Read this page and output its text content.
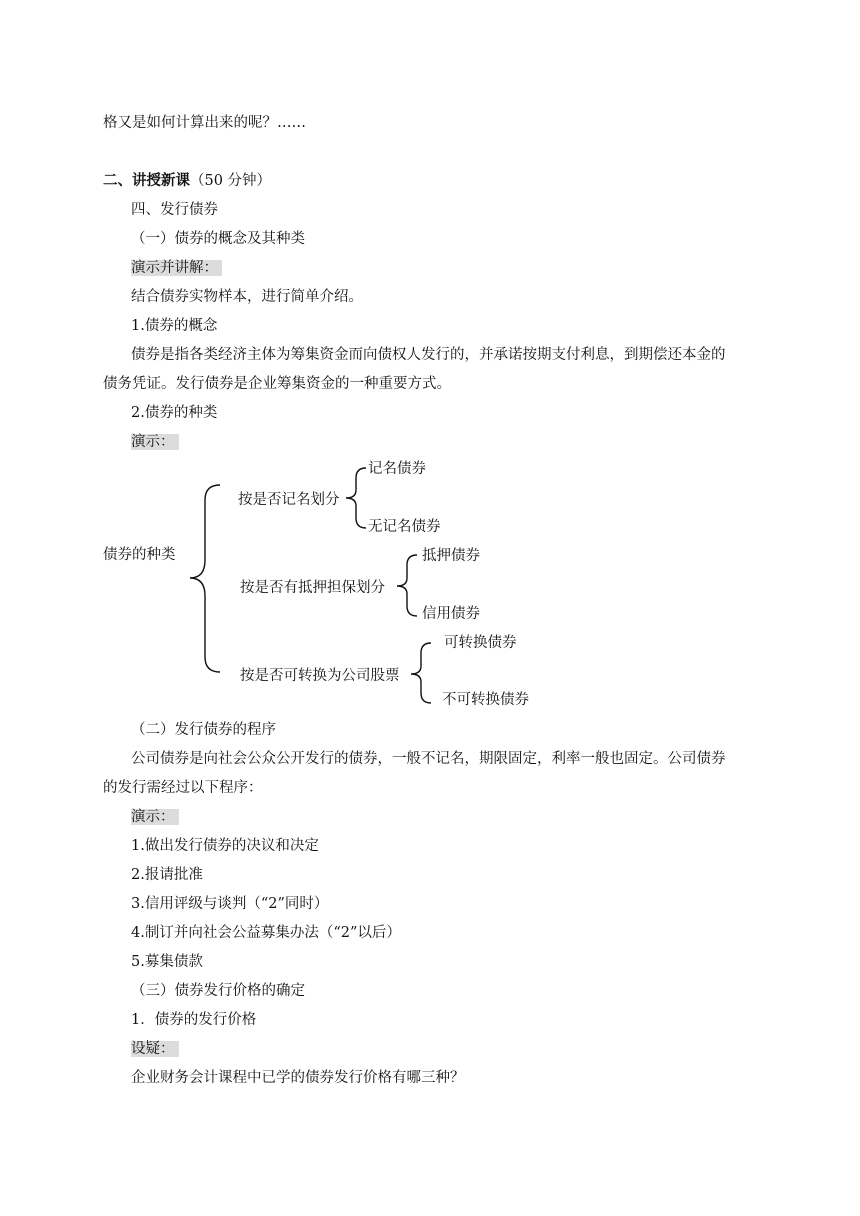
格又是如何计算出来的呢？……
二、讲授新课（50 分钟）
四、发行债券
（一）债券的概念及其种类
演示并讲解：
结合债券实物样本，进行简单介绍。
1.债券的概念
债券是指各类经济主体为筹集资金而向债权人发行的，并承诺按期支付利息，到期偿还本金的
债务凭证。发行债券是企业筹集资金的一种重要方式。
2.债券的种类
演示：
债券的种类
按是否记名划分
记名债券
无记名债券
按是否有抵押担保划分
抵押债券
信用债券
按是否可转换为公司股票
可转换债券
不可转换债券
（二）发行债券的程序
公司债券是向社会公众公开发行的债券，一般不记名，期限固定，利率一般也固定。公司债券
的发行需经过以下程序：
演示：
1.做出发行债券的决议和决定
2.报请批准
3.信用评级与谈判（“2”同时）
4.制订并向社会公益募集办法（“2”以后）
5.募集债款
（三）债券发行价格的确定
1．债券的发行价格
设疑：
企业财务会计课程中已学的债券发行价格有哪三种？
